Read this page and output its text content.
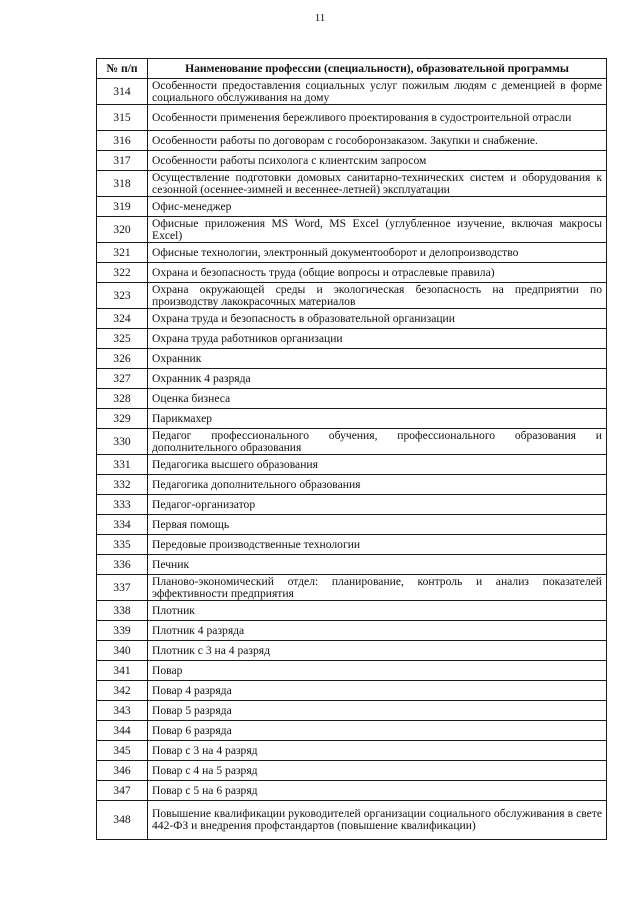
11
№ п/п	Наименование профессии (специальности), образовательной программы
314	Особенности предоставления социальных услуг пожилым людям с деменцией в форме социального обслуживания на дому
315	Особенности применения бережливого проектирования в судостроительной отрасли
316	Особенности работы по договорам с гособоронзаказом. Закупки и снабжение.
317	Особенности работы психолога с клиентским запросом
318	Осуществление подготовки домовых санитарно-технических систем и оборудования к сезонной (осеннее-зимней и весеннее-летней) эксплуатации
319	Офис-менеджер
320	Офисные приложения MS Word, MS Excel (углубленное изучение, включая макросы Excel)
321	Офисные технологии, электронный документооборот и делопроизводство
322	Охрана и безопасность труда (общие вопросы и отраслевые правила)
323	Охрана окружающей среды и экологическая безопасность на предприятии по производству лакокрасочных материалов
324	Охрана труда и безопасность в образовательной организации
325	Охрана труда работников организации
326	Охранник
327	Охранник 4 разряда
328	Оценка бизнеса
329	Парикмахер
330	Педагог профессионального обучения, профессионального образования и дополнительного образования
331	Педагогика высшего образования
332	Педагогика дополнительного образования
333	Педагог-организатор
334	Первая помощь
335	Передовые производственные технологии
336	Печник
337	Планово-экономический отдел: планирование, контроль и анализ показателей эффективности предприятия
338	Плотник
339	Плотник 4 разряда
340	Плотник с 3 на 4 разряд
341	Повар
342	Повар 4 разряда
343	Повар 5 разряда
344	Повар 6 разряда
345	Повар с 3 на 4 разряд
346	Повар с 4 на 5 разряд
347	Повар с 5 на 6 разряд
348	Повышение квалификации руководителей организации социального обслуживания в свете 442-ФЗ и внедрения профстандартов (повышение квалификации)
